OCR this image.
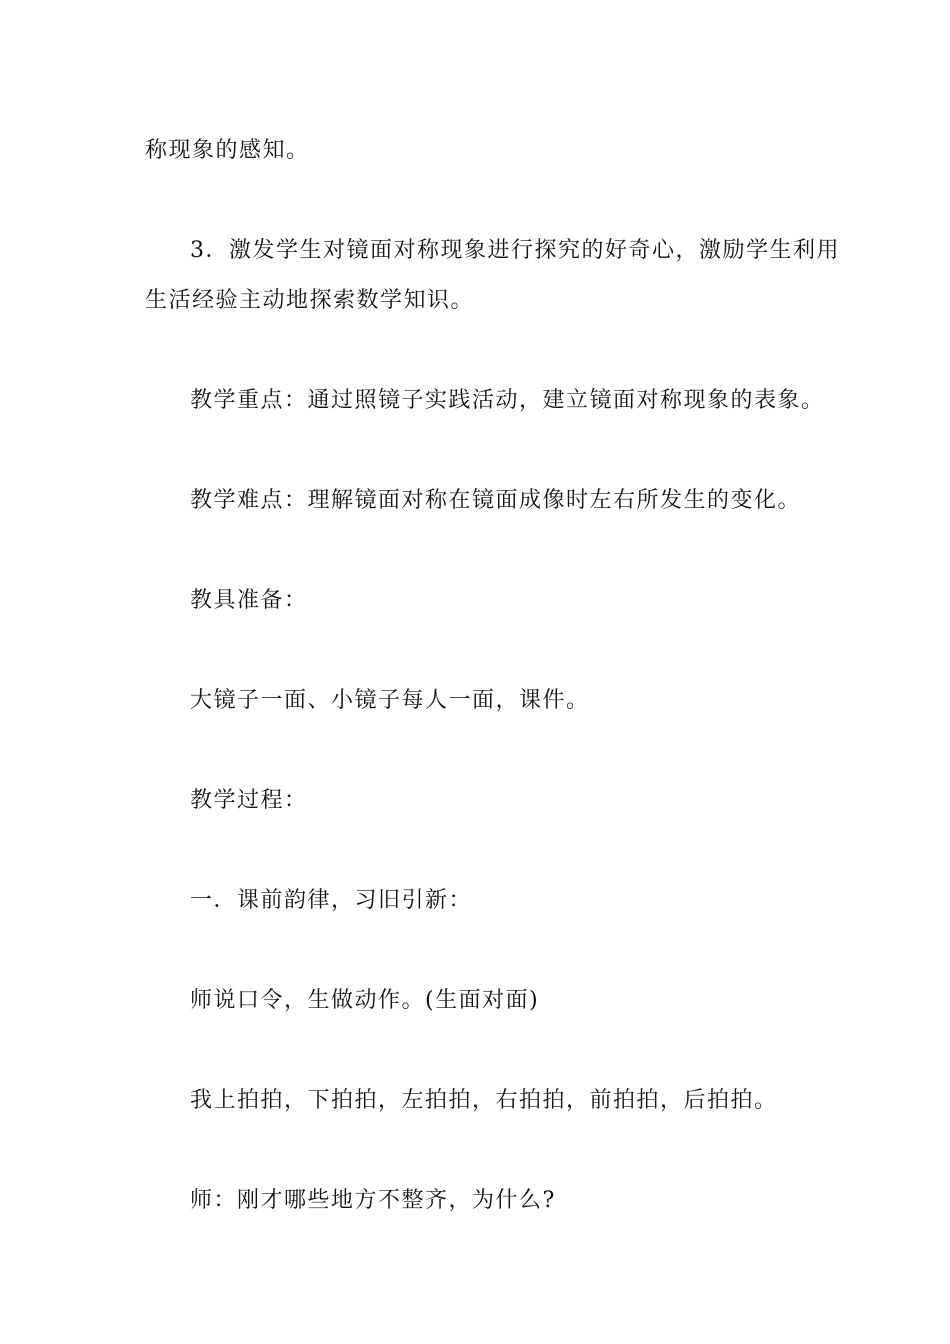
称现象的感知。
3．激发学生对镜面对称现象进行探究的好奇心，激励学生利用
生活经验主动地探索数学知识。
教学重点：通过照镜子实践活动，建立镜面对称现象的表象。
教学难点：理解镜面对称在镜面成像时左右所发生的变化。
教具准备：
大镜子一面、小镜子每人一面，课件。
教学过程：
一．课前韵律，习旧引新：
师说口令，生做动作。(生面对面)
我上拍拍，下拍拍，左拍拍，右拍拍，前拍拍，后拍拍。
师：刚才哪些地方不整齐，为什么?
